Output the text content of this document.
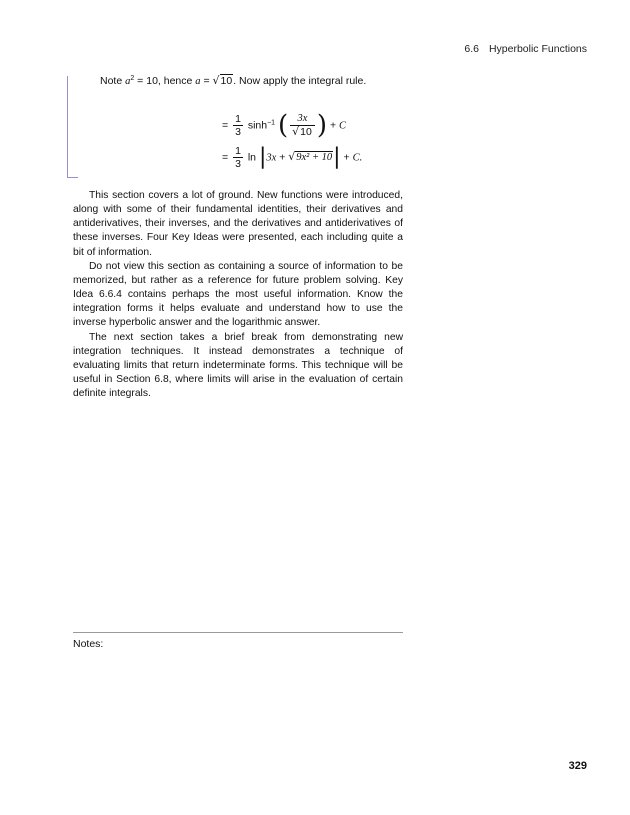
6.6 Hyperbolic Functions
Note $a^2 = 10$, hence a = √10. Now apply the integral rule.
= $\frac{1}{3} \sinh^{-1}$ ( $\frac{3x}{√10}$ ) + C
= $\frac{1}{3}$ ln |3x + √9x² + 10| + C.

This section covers a lot of ground. New functions were introduced, along with some of their fundamental identities, their derivatives and antiderivatives, their inverses, and the derivatives and antiderivatives of these inverses. Four Key Ideas were presented, each including quite a bit of information.

Do not view this section as containing a source of information to be memorized, but rather as a reference for future problem solving. Key Idea 6.6.4 contains perhaps the most useful information. Know the integration forms it helps evaluate and understand how to use the inverse hyperbolic answer and the logarithmic answer.

The next section takes a brief break from demonstrating new integration techniques. It instead demonstrates a technique of evaluating limits that return indeterminate forms. This technique will be useful in Section 6.8, where limits will arise in the evaluation of certain definite integrals.

Notes:
329
